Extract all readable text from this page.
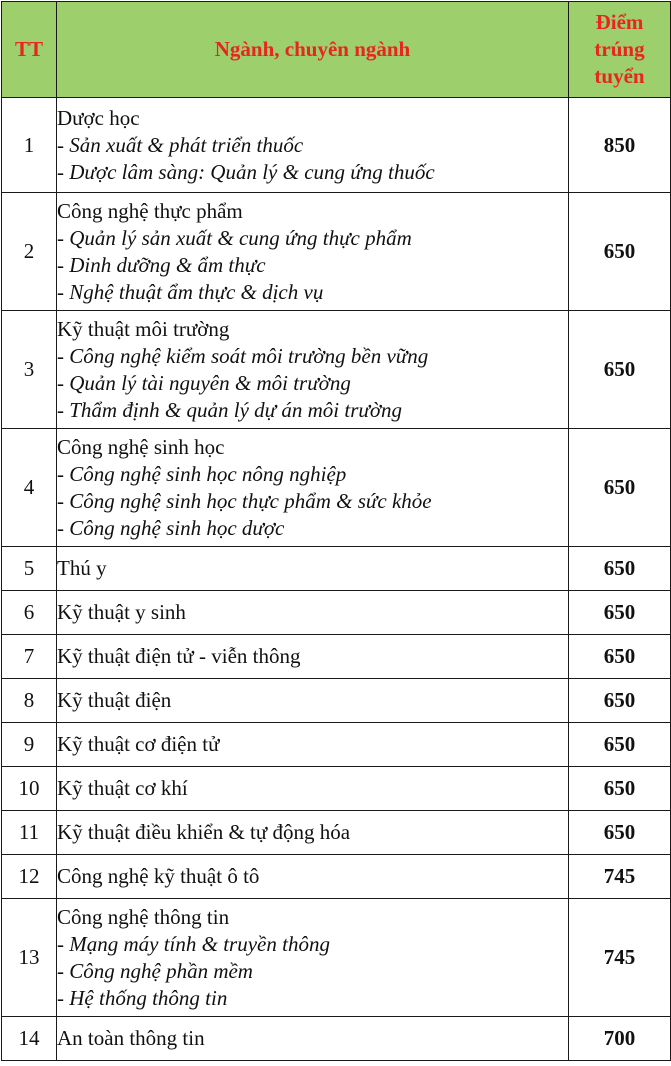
TT	Ngành, chuyên ngành	Điểm
trúng
tuyển

1	Dược học
- Sản xuất & phát triển thuốc
- Dược lâm sàng: Quản lý & cung ứng thuốc	850
2	Công nghệ thực phẩm
- Quản lý sản xuất & cung ứng thực phẩm
- Dinh dưỡng & ẩm thực
- Nghệ thuật ẩm thực & dịch vụ	650
3	Kỹ thuật môi trường
- Công nghệ kiểm soát môi trường bền vững
- Quản lý tài nguyên & môi trường
- Thẩm định & quản lý dự án môi trường	650
4	Công nghệ sinh học
- Công nghệ sinh học nông nghiệp
- Công nghệ sinh học thực phẩm & sức khỏe
- Công nghệ sinh học dược	650
5	Thú y	650
6	Kỹ thuật y sinh	650
7	Kỹ thuật điện tử - viễn thông	650
8	Kỹ thuật điện	650
9	Kỹ thuật cơ điện tử	650
10	Kỹ thuật cơ khí	650
11	Kỹ thuật điều khiển & tự động hóa	650
12	Công nghệ kỹ thuật ô tô	745
13	Công nghệ thông tin
- Mạng máy tính & truyền thông
- Công nghệ phần mềm
- Hệ thống thông tin	745
14	An toàn thông tin	700
